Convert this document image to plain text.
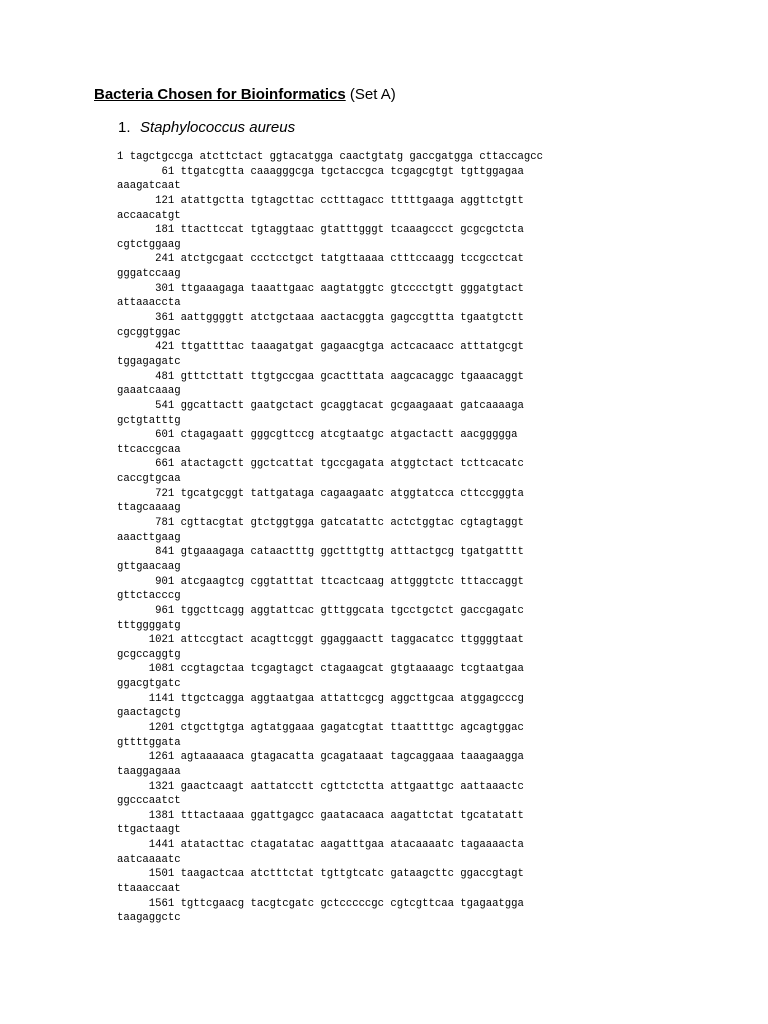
Bacteria Chosen for Bioinformatics (Set A)
1. Staphylococcus aureus
1 tagctgccga atcttctact ggtacatgga caactgtatg gaccgatgga cttaccagcc
61 ttgatcgtta caaagggcga tgctaccgca tcgagcgtgt tgttggagaa
aaagatcaat
121 atattgctta tgtagcttac cctttagacc tttttgaaga aggttctgtt
accaacatgt
181 ttacttccat tgtaggtaac gtatttgggt tcaaagccct gcgcgctcta
cgtctggaag
241 atctgcgaat ccctcctgct tatgttaaaa ctttccaagg tccgcctcat
gggatccaag
301 ttgaaagaga taaattgaac aagtatggtc gtcccctgtt gggatgtact
attaaaccta
361 aattggggtt atctgctaaa aactacggta gagccgttta tgaatgtctt
cgcggtggac
421 ttgattttac taaagatgat gagaacgtga actcacaacc atttatgcgt
tggagagatc
481 gtttcttatt ttgtgccgaa gcactttata aagcacaggc tgaaacaggt
gaaatcaaag
541 ggcattactt gaatgctact gcaggtacat gcgaagaaat gatcaaaaga
gctgtatttg
601 ctagagaatt gggcgttccg atcgtaatgc atgactactt aacggggga
ttcaccgcaa
661 atactagctt ggctcattat tgccgagata atggtctact tcttcacatc
caccgtgcaa
721 tgcatgcggt tattgataga cagaagaatc atggtatcca cttccgggta
ttagcaaaag
781 cgttacgtat gtctggtgga gatcatattc actctggtac cgtagtaggt
aaacttgaag
841 gtgaaagaga cataactttg ggctttgttg atttactgcg tgatgatttt
gttgaacaag
901 atcgaagtcg cggtatttat ttcactcaag attgggtctc tttaccaggt
gttctacccg
961 tggcttcagg aggtattcac gtttggcata tgcctgctct gaccgagatc
tttggggatg
1021 attccgtact acagttcggt ggaggaactt taggacatcc ttggggtaat
gcgccaggtg
1081 ccgtagctaa tcgagtagct ctagaagcat gtgtaaaagc tcgtaatgaa
ggacgtgatc
1141 ttgctcagga aggtaatgaa attattcgcg aggcttgcaa atggagcccg
gaactagctg
1201 ctgcttgtga agtatggaaa gagatcgtat ttaattttgc agcagtggac
gttttggata
1261 agtaaaaaca gtagacatta gcagataaat tagcaggaaa taaagaagga
taaggagaaa
1321 gaactcaagt aattatcctt cgttctctta attgaattgc aattaaactc
ggcccaatct
1381 tttactaaaa ggattgagcc gaatacaaca aagattctat tgcatatatt
ttgactaagt
1441 atatacttac ctagatatac aagatttgaa atacaaaatc tagaaaacta
aatcaaaatc
1501 taagactcaa atctttctat tgttgtcatc gataagcttc ggaccgtagt
ttaaaccaat
1561 tgttcgaacg tacgtcgatc gctcccccgc cgtcgttcaa tgagaatgga
taagaggctc
